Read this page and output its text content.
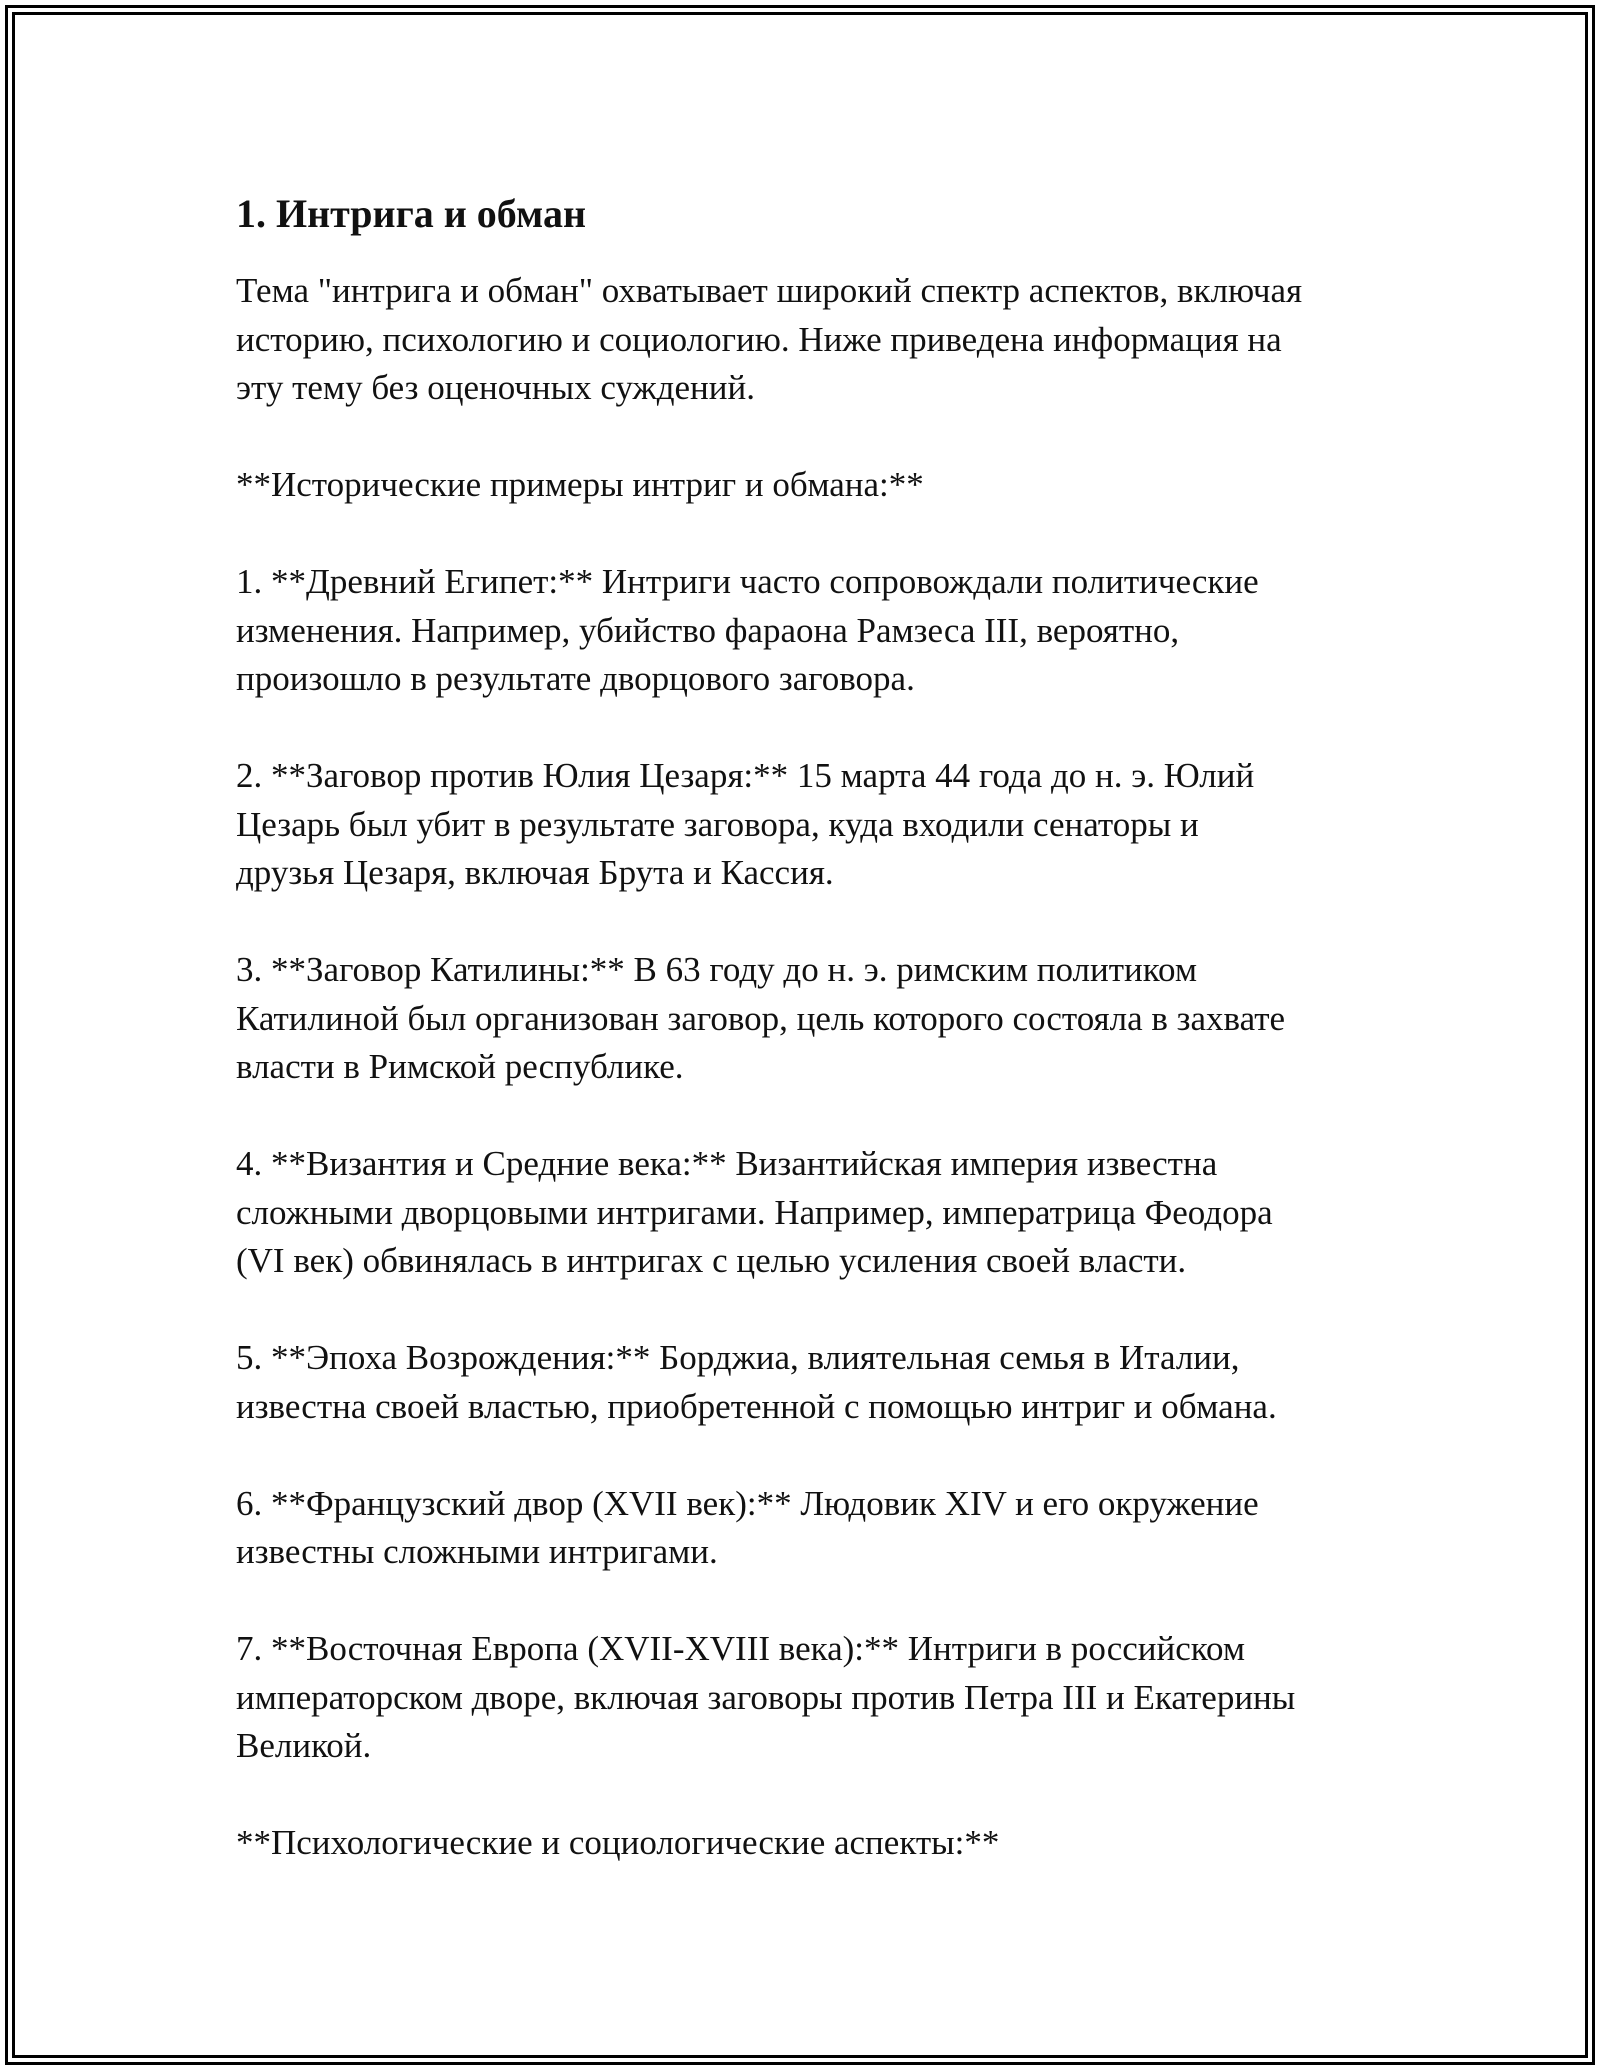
1. Интрига и обман
Тема "интрига и обман" охватывает широкий спектр аспектов, включая
историю, психологию и социологию. Ниже приведена информация на
эту тему без оценочных суждений.
**Исторические примеры интриг и обмана:**
1. **Древний Египет:** Интриги часто сопровождали политические
изменения. Например, убийство фараона Рамзеса III, вероятно,
произошло в результате дворцового заговора.
2. **Заговор против Юлия Цезаря:** 15 марта 44 года до н. э. Юлий
Цезарь был убит в результате заговора, куда входили сенаторы и
друзья Цезаря, включая Брута и Кассия.
3. **Заговор Катилины:** В 63 году до н. э. римским политиком
Катилиной был организован заговор, цель которого состояла в захвате
власти в Римской республике.
4. **Византия и Средние века:** Византийская империя известна
сложными дворцовыми интригами. Например, императрица Феодора
(VI век) обвинялась в интригах с целью усиления своей власти.
5. **Эпоха Возрождения:** Борджиа, влиятельная семья в Италии,
известна своей властью, приобретенной с помощью интриг и обмана.
6. **Французский двор (XVII век):** Людовик XIV и его окружение
известны сложными интригами.
7. **Восточная Европа (XVII-XVIII века):** Интриги в российском
императорском дворе, включая заговоры против Петра III и Екатерины
Великой.
**Психологические и социологические аспекты:**
